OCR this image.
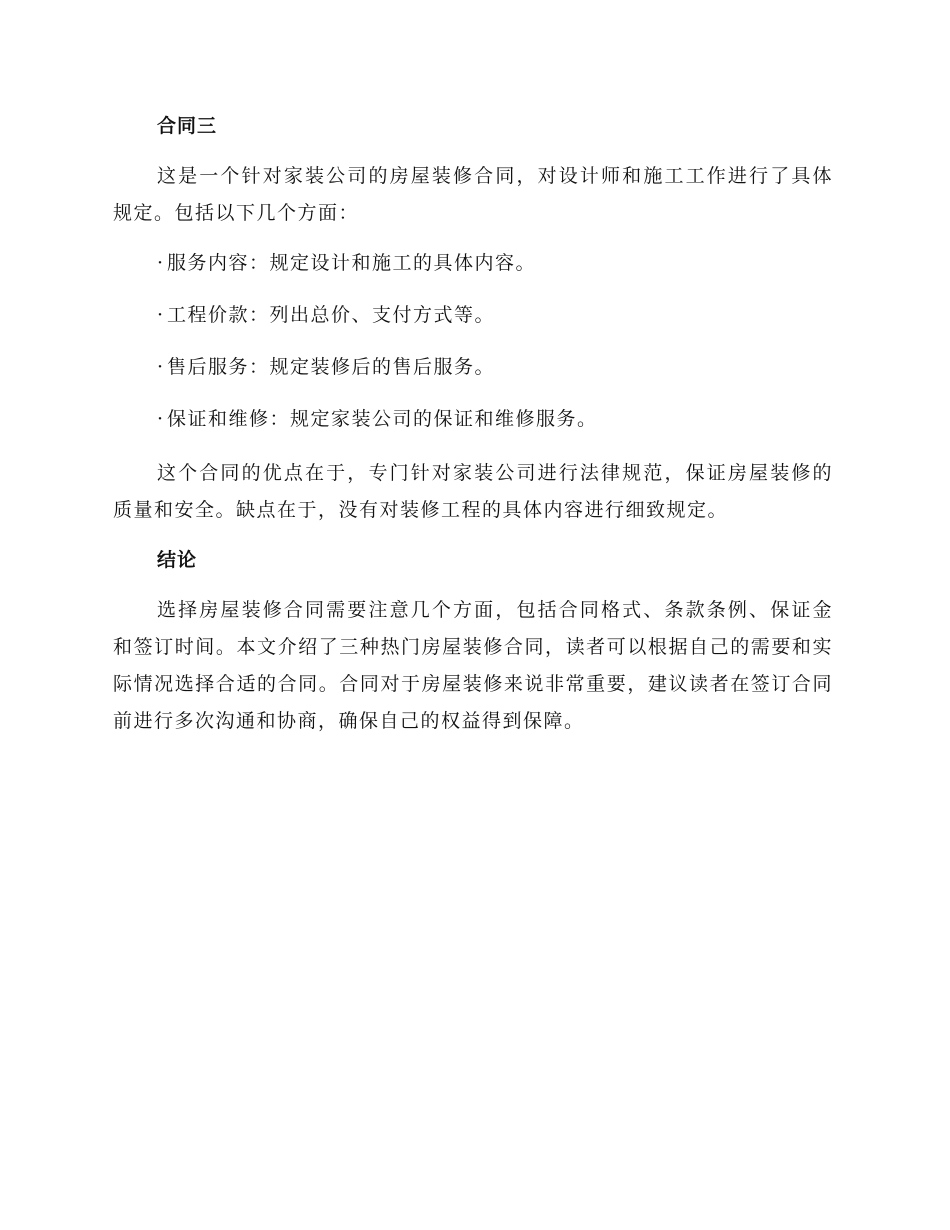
合同三

这是一个针对家装公司的房屋装修合同，对设计师和施工工作进行了具体规定。包括以下几个方面：

· 服务内容：规定设计和施工的具体内容。
· 工程价款：列出总价、支付方式等。
· 售后服务：规定装修后的售后服务。
· 保证和维修：规定家装公司的保证和维修服务。

这个合同的优点在于，专门针对家装公司进行法律规范，保证房屋装修的质量和安全。缺点在于，没有对装修工程的具体内容进行细致规定。

结论

选择房屋装修合同需要注意几个方面，包括合同格式、条款条例、保证金和签订时间。本文介绍了三种热门房屋装修合同，读者可以根据自己的需要和实际情况选择合适的合同。合同对于房屋装修来说非常重要，建议读者在签订合同前进行多次沟通和协商，确保自己的权益得到保障。
